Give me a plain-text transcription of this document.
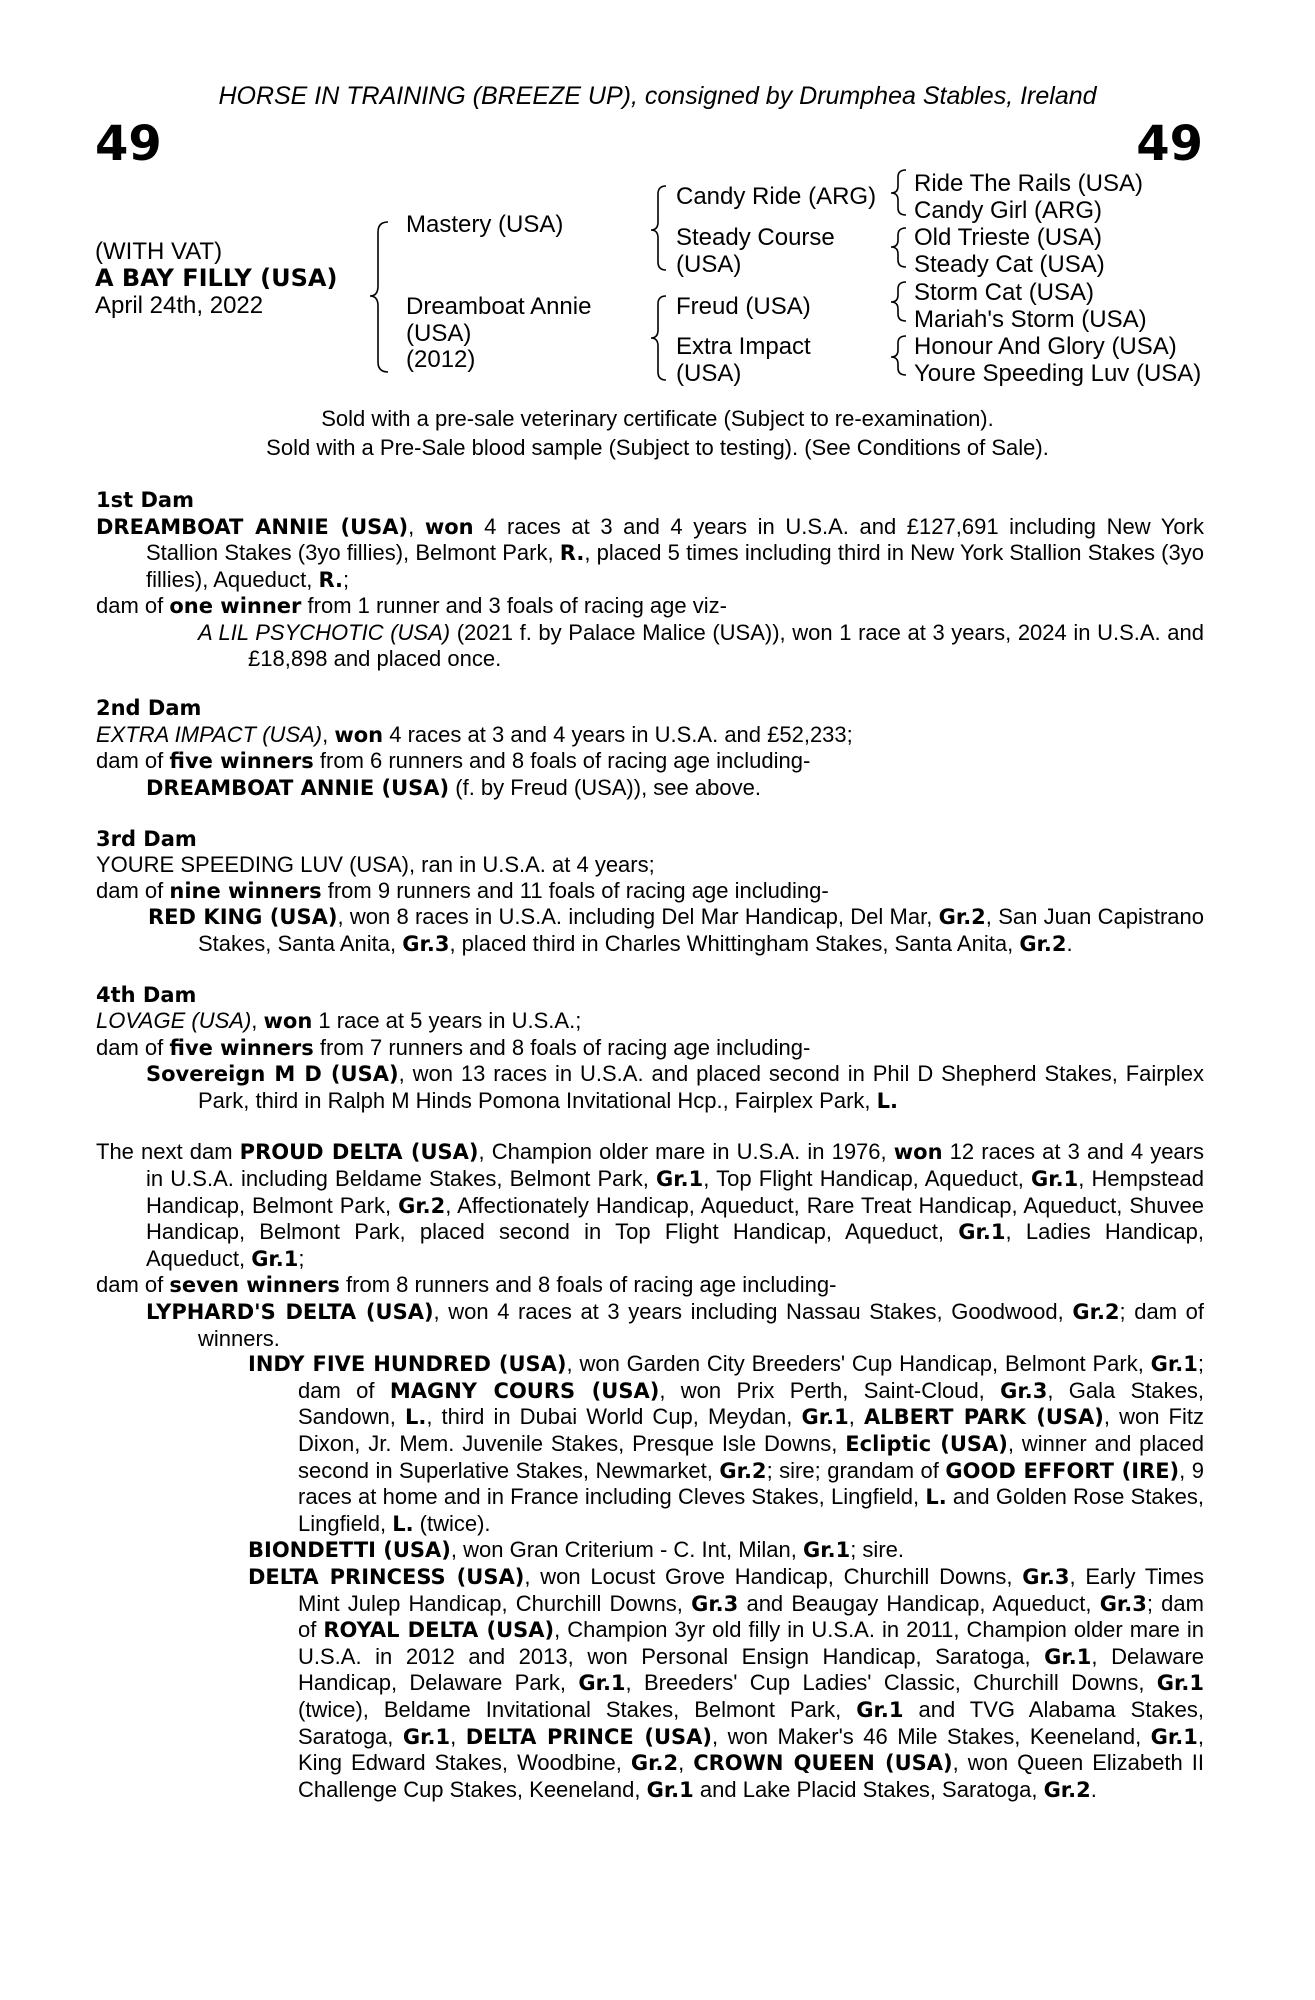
HORSE IN TRAINING (BREEZE UP), consigned by Drumphea Stables, Ireland
49	49
(WITH VAT)
A BAY FILLY (USA)
April 24th, 2022
Mastery (USA)
Dreamboat Annie
(USA)
(2012)
Candy Ride (ARG)
Steady Course
(USA)
Freud (USA)
Extra Impact
(USA)
Ride The Rails (USA)
Candy Girl (ARG)
Old Trieste (USA)
Steady Cat (USA)
Storm Cat (USA)
Mariah's Storm (USA)
Honour And Glory (USA)
Youre Speeding Luv (USA)
Sold with a pre-sale veterinary certificate (Subject to re-examination).
Sold with a Pre-Sale blood sample (Subject to testing). (See Conditions of Sale).

1st Dam

DREAMBOAT ANNIE (USA), won 4 races at 3 and 4 years in U.S.A. and £127,691 including New York Stallion Stakes (3yo fillies), Belmont Park, R., placed 5 times including third in New York Stallion Stakes (3yo fillies), Aqueduct, R.;

dam of one winner from 1 runner and 3 foals of racing age viz-

A LIL PSYCHOTIC (USA) (2021 f. by Palace Malice (USA)), won 1 race at 3 years, 2024 in U.S.A. and £18,898 and placed once.

2nd Dam

EXTRA IMPACT (USA), won 4 races at 3 and 4 years in U.S.A. and £52,233;

dam of five winners from 6 runners and 8 foals of racing age including-

DREAMBOAT ANNIE (USA) (f. by Freud (USA)), see above.

3rd Dam

YOURE SPEEDING LUV (USA), ran in U.S.A. at 4 years;

dam of nine winners from 9 runners and 11 foals of racing age including-

RED KING (USA), won 8 races in U.S.A. including Del Mar Handicap, Del Mar, Gr.2, San Juan Capistrano Stakes, Santa Anita, Gr.3, placed third in Charles Whittingham Stakes, Santa Anita, Gr.2.

4th Dam

LOVAGE (USA), won 1 race at 5 years in U.S.A.;

dam of five winners from 7 runners and 8 foals of racing age including-

Sovereign M D (USA), won 13 races in U.S.A. and placed second in Phil D Shepherd Stakes, Fairplex Park, third in Ralph M Hinds Pomona Invitational Hcp., Fairplex Park, L.

The next dam PROUD DELTA (USA), Champion older mare in U.S.A. in 1976, won 12 races at 3 and 4 years in U.S.A. including Beldame Stakes, Belmont Park, Gr.1, Top Flight Handicap, Aqueduct, Gr.1, Hempstead Handicap, Belmont Park, Gr.2, Affectionately Handicap, Aqueduct, Rare Treat Handicap, Aqueduct, Shuvee Handicap, Belmont Park, placed second in Top Flight Handicap, Aqueduct, Gr.1, Ladies Handicap, Aqueduct, Gr.1;

dam of seven winners from 8 runners and 8 foals of racing age including-

LYPHARD'S DELTA (USA), won 4 races at 3 years including Nassau Stakes, Goodwood, Gr.2; dam of winners.

INDY FIVE HUNDRED (USA), won Garden City Breeders' Cup Handicap, Belmont Park, Gr.1; dam of MAGNY COURS (USA), won Prix Perth, Saint-Cloud, Gr.3, Gala Stakes, Sandown, L., third in Dubai World Cup, Meydan, Gr.1, ALBERT PARK (USA), won Fitz Dixon, Jr. Mem. Juvenile Stakes, Presque Isle Downs, Ecliptic (USA), winner and placed second in Superlative Stakes, Newmarket, Gr.2; sire; grandam of GOOD EFFORT (IRE), 9 races at home and in France including Cleves Stakes, Lingfield, L. and Golden Rose Stakes, Lingfield, L. (twice).

BIONDETTI (USA), won Gran Criterium - C. Int, Milan, Gr.1; sire.

DELTA PRINCESS (USA), won Locust Grove Handicap, Churchill Downs, Gr.3, Early Times Mint Julep Handicap, Churchill Downs, Gr.3 and Beaugay Handicap, Aqueduct, Gr.3; dam of ROYAL DELTA (USA), Champion 3yr old filly in U.S.A. in 2011, Champion older mare in U.S.A. in 2012 and 2013, won Personal Ensign Handicap, Saratoga, Gr.1, Delaware Handicap, Delaware Park, Gr.1, Breeders' Cup Ladies' Classic, Churchill Downs, Gr.1 (twice), Beldame Invitational Stakes, Belmont Park, Gr.1 and TVG Alabama Stakes, Saratoga, Gr.1, DELTA PRINCE (USA), won Maker's 46 Mile Stakes, Keeneland, Gr.1, King Edward Stakes, Woodbine, Gr.2, CROWN QUEEN (USA), won Queen Elizabeth II Challenge Cup Stakes, Keeneland, Gr.1 and Lake Placid Stakes, Saratoga, Gr.2.
